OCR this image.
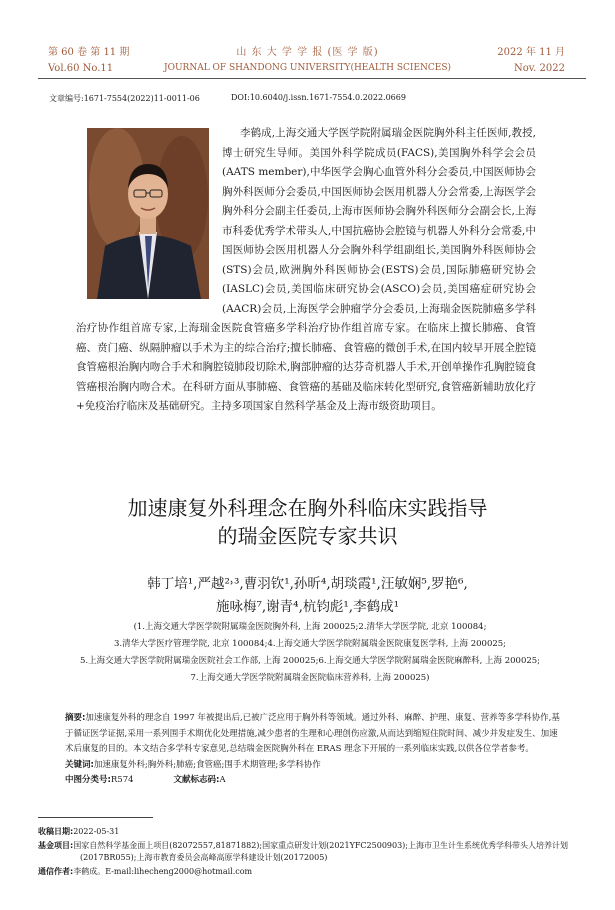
第 60 卷 第 11 期
Vol.60 No.11
山 东 大 学 学 报 (医 学 版)
JOURNAL OF SHANDONG UNIVERSITY(HEALTH SCIENCES)
2022 年 11 月
Nov. 2022
文章编号:1671-7554(2022)11-0011-06	DOI:10.6040/j.issn.1671-7554.0.2022.0669
李鹤成,上海交通大学医学院附属瑞金医院胸外科主任医师,教授,博士研究生导师。美国外科学院成员(FACS),美国胸外科学会会员(AATS member),中华医学会胸心血管外科分会委员,中国医师协会胸外科医师分会委员,中国医师协会医用机器人分会常委,上海医学会胸外科分会副主任委员,上海市医师协会胸外科医师分会副会长,上海市科委优秀学术带头人,中国抗癌协会腔镜与机器人外科分会常委,中国医师协会医用机器人分会胸外科学组副组长,美国胸外科医师协会(STS)会员,欧洲胸外科医师协会(ESTS)会员,国际肺癌研究协会(IASLC)会员,美国临床研究协会(ASCO)会员,美国癌症研究协会(AACR)会员,上海医学会肿瘤学分会委员,上海瑞金医院肺癌多学科治疗协作组首席专家,上海瑞金医院食管癌多学科治疗协作组首席专家。在临床上擅长肺癌、食管癌、贲门癌、纵隔肿瘤以手术为主的综合治疗;擅长肺癌、食管癌的微创手术,在国内较早开展全腔镜食管癌根治胸内吻合手术和胸腔镜肺段切除术,胸部肿瘤的达芬奇机器人手术,开创单操作孔胸腔镜食管癌根治胸内吻合术。在科研方面从事肺癌、食管癌的基础及临床转化型研究,食管癌新辅助放化疗+免疫治疗临床及基础研究。主持多项国家自然科学基金及上海市级资助项目。
加速康复外科理念在胸外科临床实践指导
的瑞金医院专家共识
韩丁培¹,严越²˒³,曹羽钦¹,孙昕⁴,胡琰霞¹,汪敏娴⁵,罗艳⁶,
施咏梅⁷,谢青⁴,杭钧彪¹,李鹤成¹
(1.上海交通大学医学院附属瑞金医院胸外科, 上海 200025;2.清华大学医学院, 北京 100084;
3.清华大学医疗管理学院, 北京 100084;4.上海交通大学医学院附属瑞金医院康复医学科, 上海 200025;
5.上海交通大学医学院附属瑞金医院社会工作部, 上海 200025;6.上海交通大学医学院附属瑞金医院麻醉科, 上海 200025;
7.上海交通大学医学院附属瑞金医院临床营养科, 上海 200025)
摘要:加速康复外科的理念自 1997 年被提出后,已被广泛应用于胸外科等领域。通过外科、麻醉、护理、康复、营养等多学科协作,基于循证医学证据,采用一系列围手术期优化处理措施,减少患者的生理和心理创伤应激,从而达到缩短住院时间、减少并发症发生、加速术后康复的目的。本文结合多学科专家意见,总结瑞金医院胸外科在 ERAS 理念下开展的一系列临床实践,以供各位学者参考。
关键词:加速康复外科;胸外科;肺癌;食管癌;围手术期管理;多学科协作
中图分类号:R574	文献标志码:A
收稿日期:2022-05-31
基金项目:国家自然科学基金面上项目(82072557,81871882);国家重点研发计划(2021YFC2500903);上海市卫生计生系统优秀学科带头人培养计划(2017BR055);上海市教育委员会高峰高原学科建设计划(20172005)
通信作者:李鹤成。E-mail:lihecheng2000@hotmail.com
